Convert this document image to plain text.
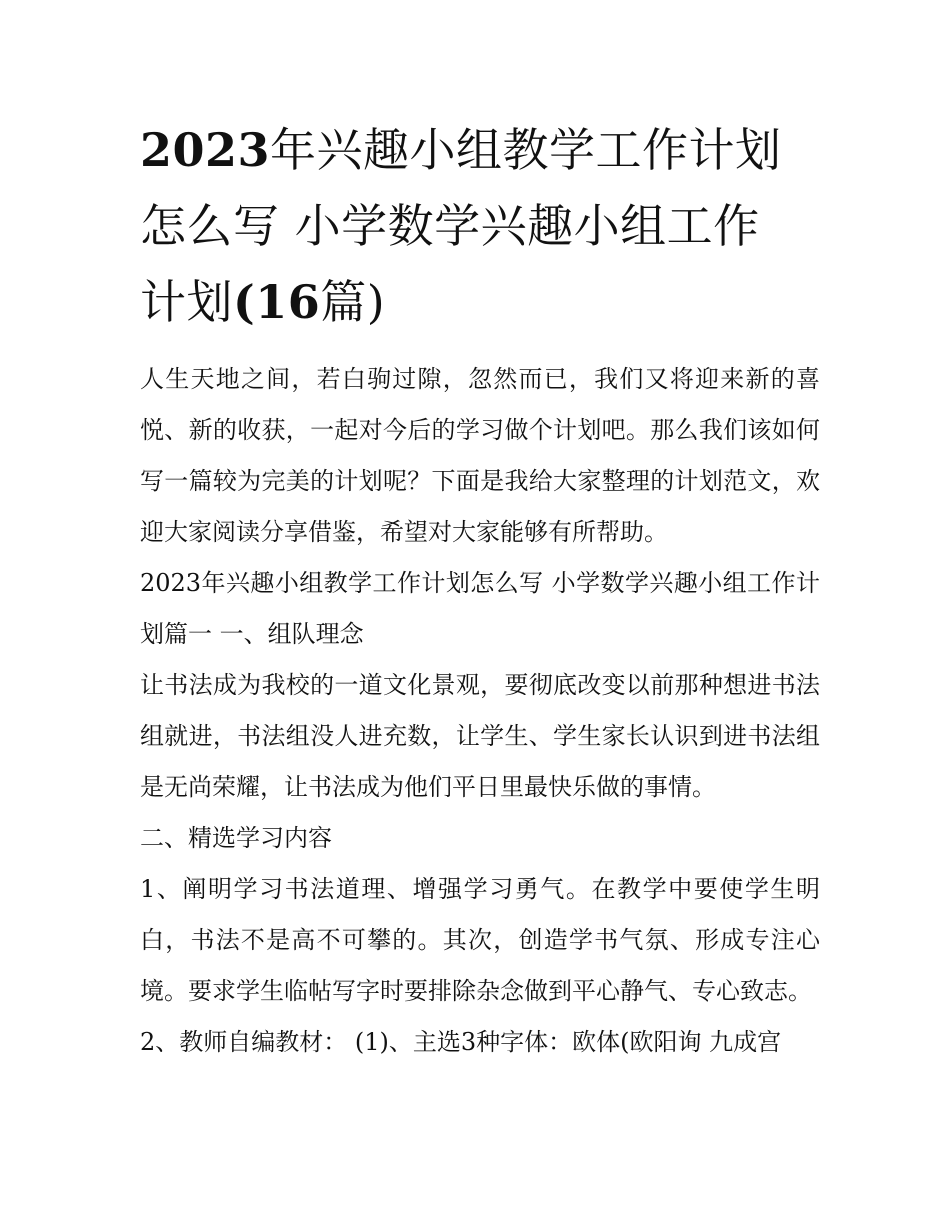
2023年兴趣小组教学工作计划
怎么写 小学数学兴趣小组工作
计划(16篇)

人生天地之间，若白驹过隙，忽然而已，我们又将迎来新的喜悦、新的收获，一起对今后的学习做个计划吧。那么我们该如何写一篇较为完美的计划呢？下面是我给大家整理的计划范文，欢迎大家阅读分享借鉴，希望对大家能够有所帮助。

2023年兴趣小组教学工作计划怎么写 小学数学兴趣小组工作计划篇一 一、组队理念

让书法成为我校的一道文化景观，要彻底改变以前那种想进书法组就进，书法组没人进充数，让学生、学生家长认识到进书法组是无尚荣耀，让书法成为他们平日里最快乐做的事情。

二、精选学习内容

1、阐明学习书法道理、增强学习勇气。在教学中要使学生明白，书法不是高不可攀的。其次，创造学书气氛、形成专注心境。要求学生临帖写字时要排除杂念做到平心静气、专心致志。

2、教师自编教材： (1)、主选3种字体：欧体(欧阳询 九成宫
